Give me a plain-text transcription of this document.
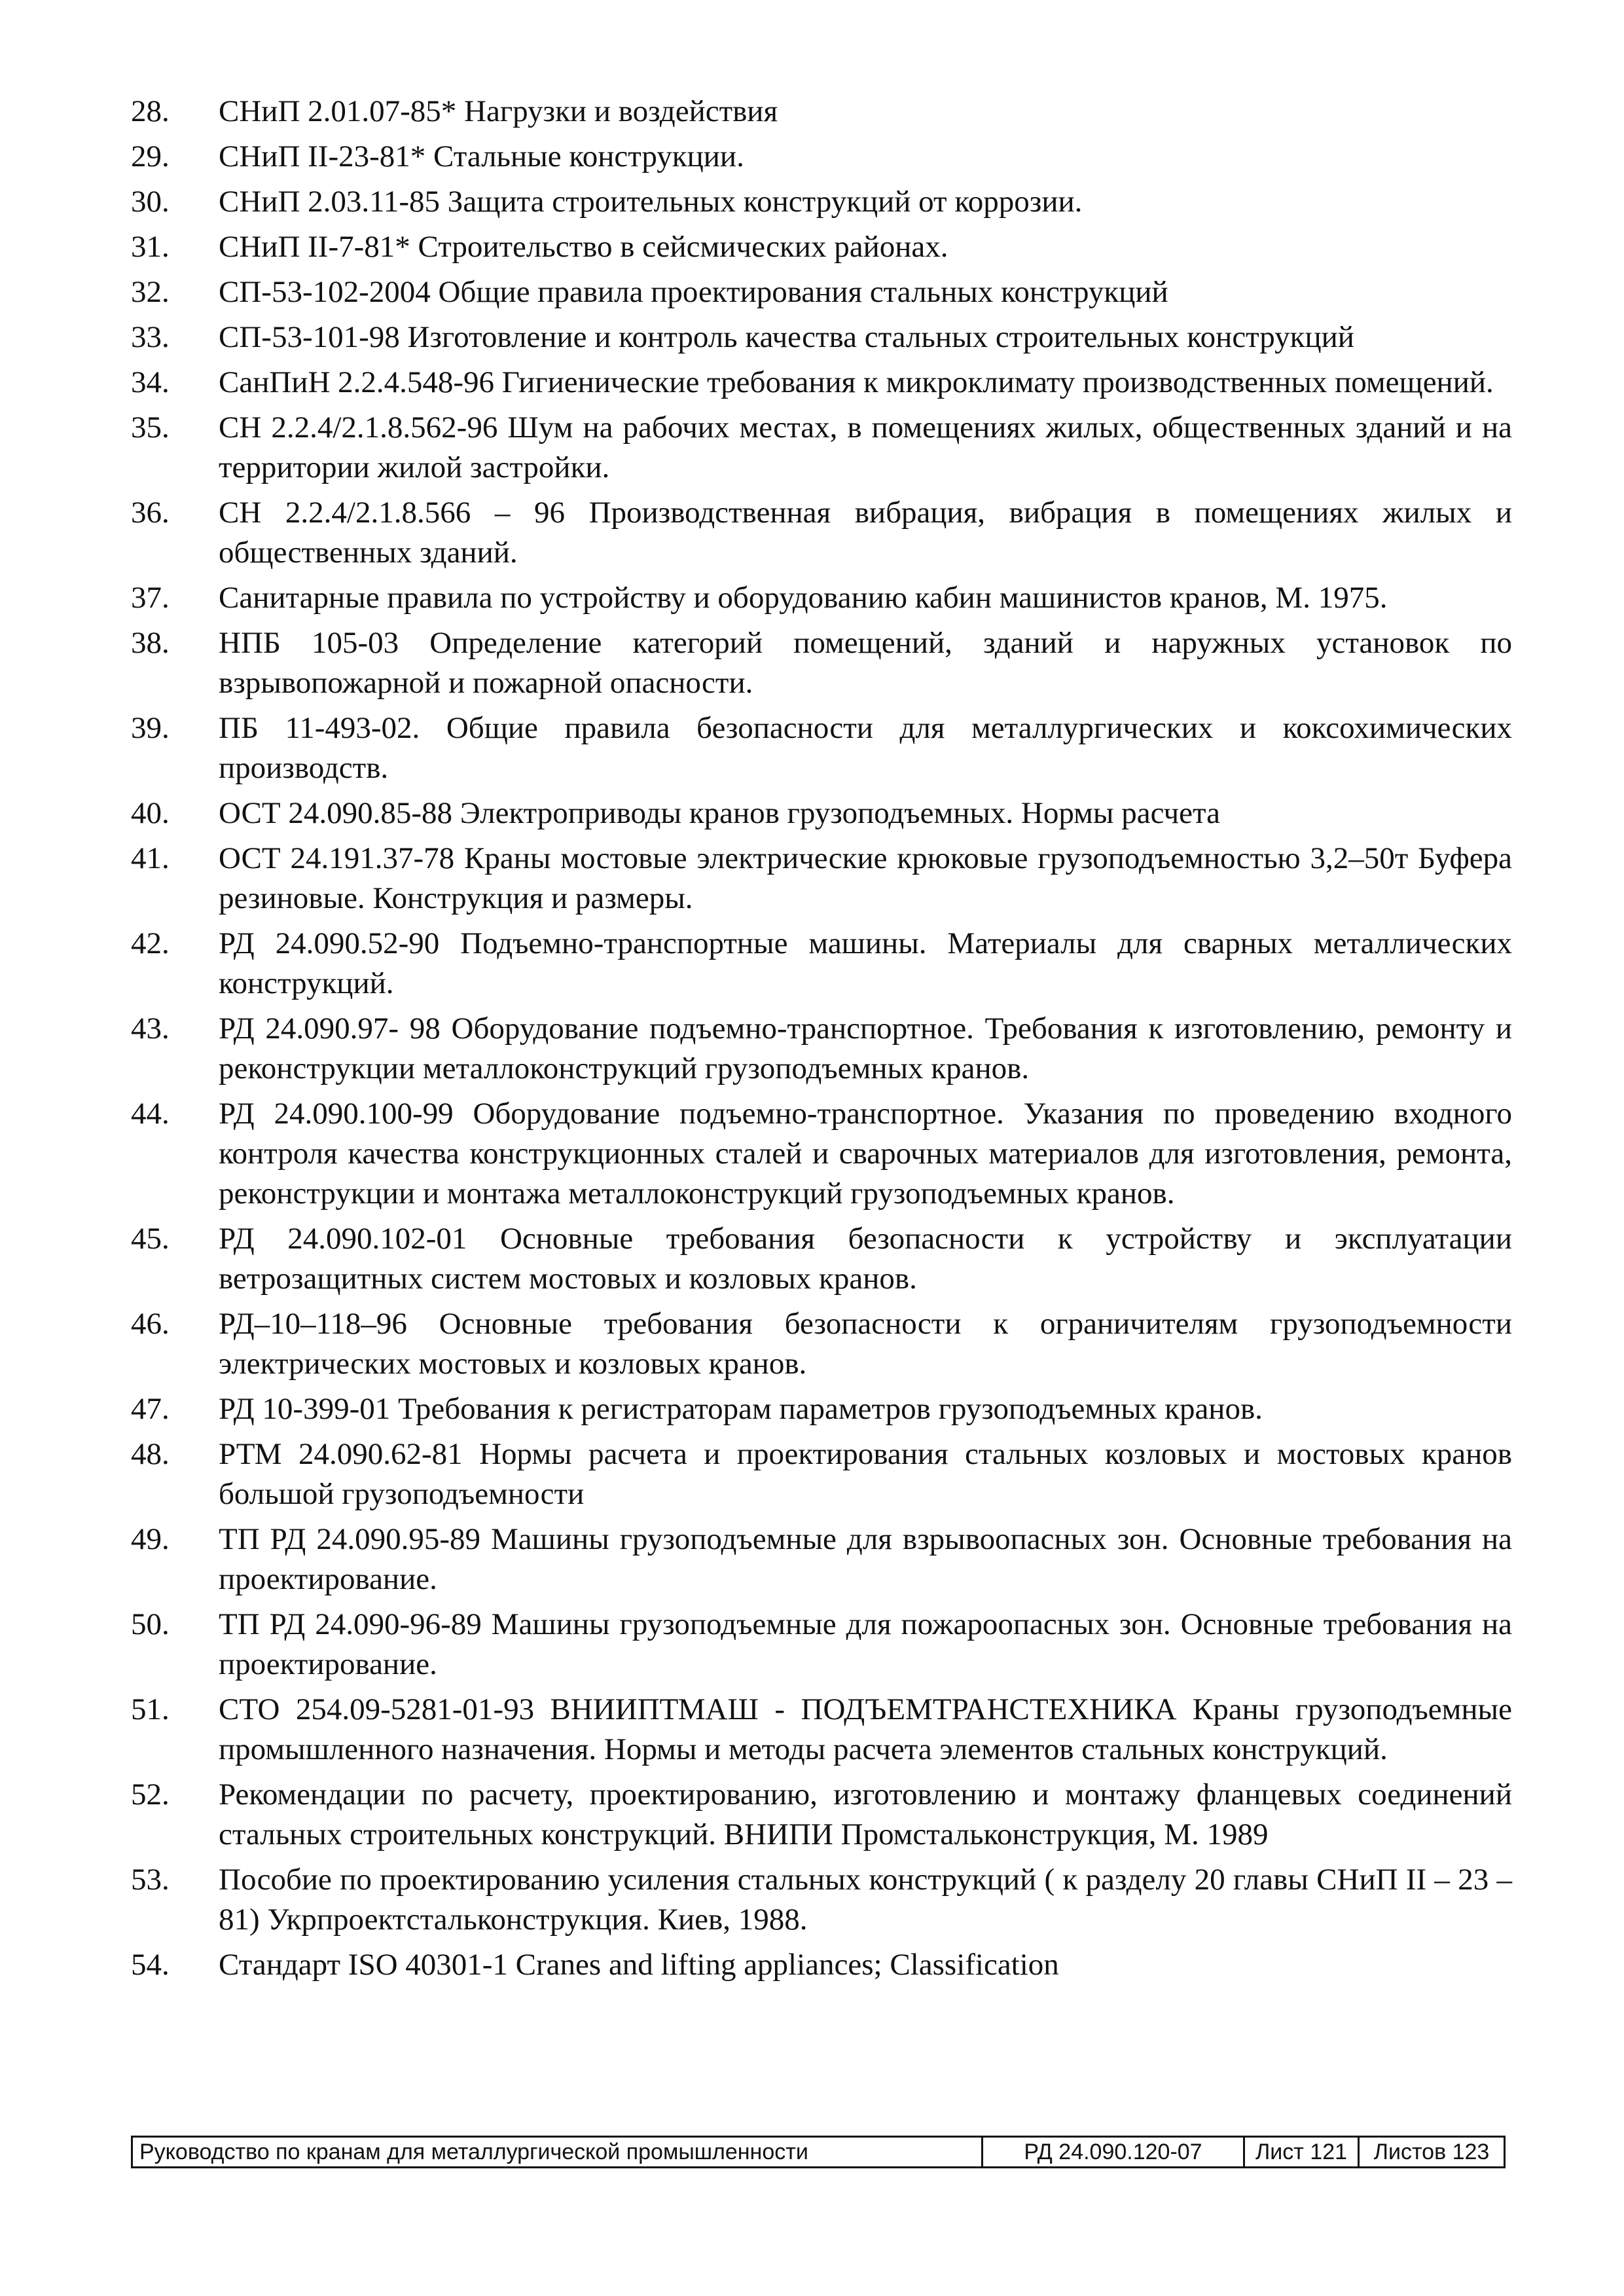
28.	СНиП 2.01.07-85* Нагрузки и воздействия
29.	СНиП II-23-81* Стальные конструкции.
30.	СНиП 2.03.11-85 Защита строительных конструкций от коррозии.
31.	СНиП II-7-81* Строительство в сейсмических районах.
32.	СП-53-102-2004 Общие правила проектирования стальных конструкций
33.	СП-53-101-98 Изготовление и контроль качества стальных строительных конструкций
34.	СанПиН 2.2.4.548-96 Гигиенические требования к микроклимату производственных помещений.
35.	СН 2.2.4/2.1.8.562-96 Шум на рабочих местах, в помещениях жилых, общественных зданий и на территории жилой застройки.
36.	СН 2.2.4/2.1.8.566 – 96 Производственная вибрация, вибрация в помещениях жилых и общественных зданий.
37.	Санитарные правила по устройству и оборудованию кабин машинистов кранов, М. 1975.
38.	НПБ 105-03 Определение категорий помещений, зданий и наружных установок по взрывопожарной и пожарной опасности.
39.	ПБ 11-493-02. Общие правила безопасности для металлургических и коксохимических производств.
40.	ОСТ 24.090.85-88 Электроприводы кранов грузоподъемных. Нормы расчета
41.	ОСТ 24.191.37-78 Краны мостовые электрические крюковые грузоподъемностью 3,2–50т Буфера резиновые. Конструкция и размеры.
42.	РД 24.090.52-90 Подъемно-транспортные машины. Материалы для сварных металлических конструкций.
43.	РД 24.090.97- 98 Оборудование подъемно-транспортное. Требования к изготовлению, ремонту и реконструкции металлоконструкций грузоподъемных кранов.
44.	РД 24.090.100-99 Оборудование подъемно-транспортное. Указания по проведению входного контроля качества конструкционных сталей и сварочных материалов для изготовления, ремонта, реконструкции и монтажа металлоконструкций грузоподъемных кранов.
45.	РД 24.090.102-01 Основные требования безопасности к устройству и эксплуатации ветрозащитных систем мостовых и козловых кранов.
46.	РД–10–118–96 Основные требования безопасности к ограничителям грузоподъемности электрических мостовых и козловых кранов.
47.	РД 10-399-01 Требования к регистраторам параметров грузоподъемных кранов.
48.	РТМ 24.090.62-81 Нормы расчета и проектирования стальных козловых и мостовых кранов большой грузоподъемности
49.	ТП РД 24.090.95-89 Машины грузоподъемные для взрывоопасных зон. Основные требования на проектирование.
50.	ТП РД 24.090-96-89 Машины грузоподъемные для пожароопасных зон. Основные требования на проектирование.
51.	СТО 254.09-5281-01-93 ВНИИПТМАШ - ПОДЪЕМТРАНСТЕХНИКА Краны грузоподъемные промышленного назначения. Нормы и методы расчета элементов стальных конструкций.
52.	Рекомендации по расчету, проектированию, изготовлению и монтажу фланцевых соединений стальных строительных конструкций. ВНИПИ Промстальконструкция, М. 1989
53.	Пособие по проектированию усиления стальных конструкций ( к разделу 20 главы СНиП II – 23 – 81) Укрпроектстальконструкция. Киев, 1988.
54.	Стандарт ISO 40301-1 Cranes and lifting appliances; Classification
Руководство по кранам для металлургической промышленности	РД 24.090.120-07	Лист 121	Листов 123
